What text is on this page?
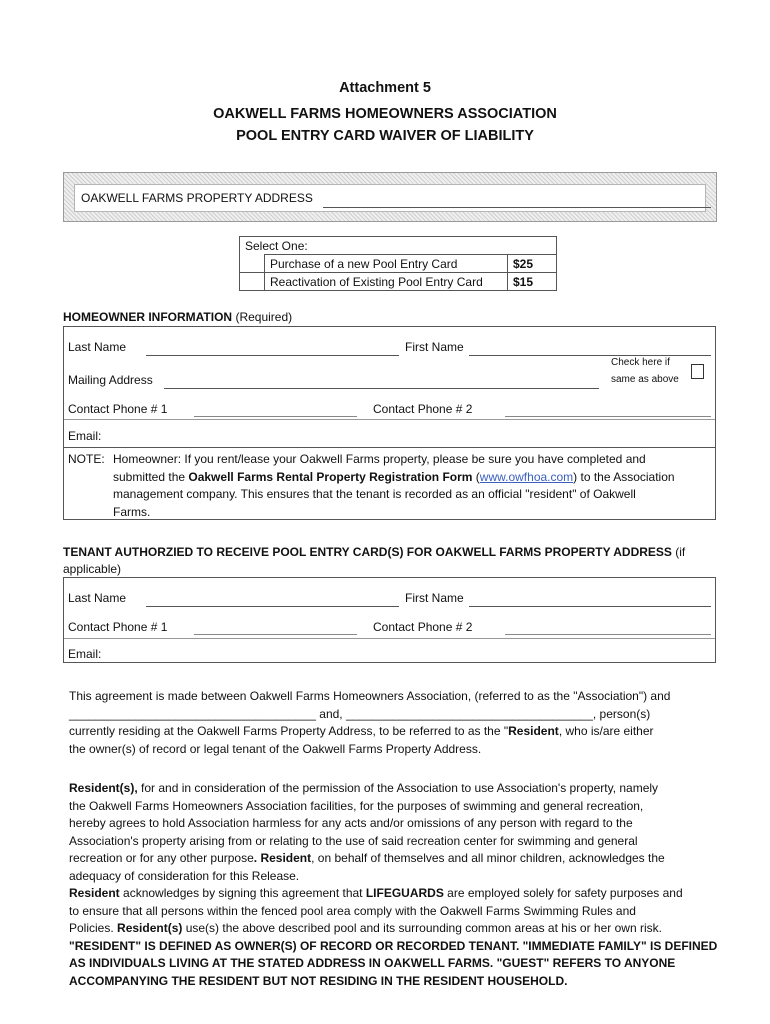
Attachment 5
OAKWELL FARMS HOMEOWNERS ASSOCIATION
POOL ENTRY CARD WAIVER OF LIABILITY
OAKWELL FARMS PROPERTY ADDRESS
Select One:		
	Purchase of a new Pool Entry Card	$25
	Reactivation of Existing Pool Entry Card	$15
HOMEOWNER INFORMATION (Required)
Last Name	First Name
Check here if
same as above
Mailing Address
Contact Phone # 1	Contact Phone # 2
Email:
NOTE: Homeowner: If you rent/lease your Oakwell Farms property, please be sure you have completed and
submitted the Oakwell Farms Rental Property Registration Form (www.owfhoa.com) to the Association
management company. This ensures that the tenant is recorded as an official "resident" of Oakwell
Farms.
TENANT AUTHORZIED TO RECEIVE POOL ENTRY CARD(S) FOR OAKWELL FARMS PROPERTY ADDRESS (if
applicable)
Last Name	First Name
Contact Phone # 1	Contact Phone # 2
Email:
This agreement is made between Oakwell Farms Homeowners Association, (referred to as the "Association") and
_____________________________________ and, _____________________________________, person(s)
currently residing at the Oakwell Farms Property Address, to be referred to as the "Resident, who is/are either
the owner(s) of record or legal tenant of the Oakwell Farms Property Address.
Resident(s), for and in consideration of the permission of the Association to use Association's property, namely
the Oakwell Farms Homeowners Association facilities, for the purposes of swimming and general recreation,
hereby agrees to hold Association harmless for any acts and/or omissions of any person with regard to the
Association's property arising from or relating to the use of said recreation center for swimming and general
recreation or for any other purpose. Resident, on behalf of themselves and all minor children, acknowledges the
adequacy of consideration for this Release.
Resident acknowledges by signing this agreement that LIFEGUARDS are employed solely for safety purposes and
to ensure that all persons within the fenced pool area comply with the Oakwell Farms Swimming Rules and
Policies. Resident(s) use(s) the above described pool and its surrounding common areas at his or her own risk.
"RESIDENT" IS DEFINED AS OWNER(S) OF RECORD OR RECORDED TENANT. "IMMEDIATE FAMILY" IS DEFINED
AS INDIVIDUALS LIVING AT THE STATED ADDRESS IN OAKWELL FARMS. "GUEST" REFERS TO ANYONE
ACCOMPANYING THE RESIDENT BUT NOT RESIDING IN THE RESIDENT HOUSEHOLD.
